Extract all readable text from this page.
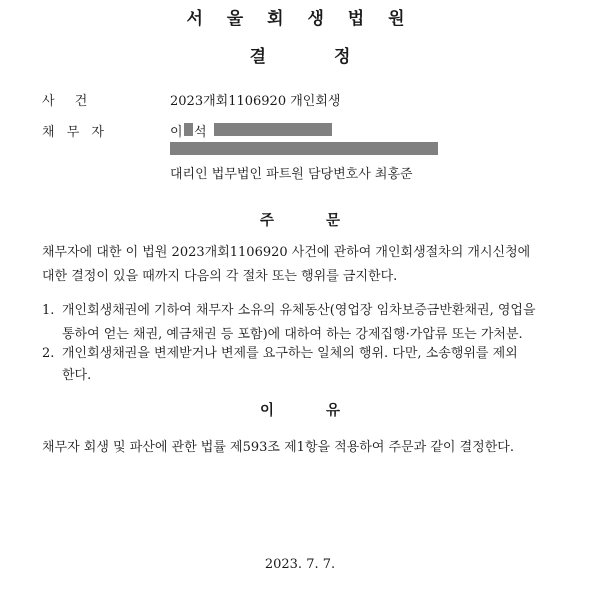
서 울 회 생 법 원
결	정
사 건	2023개회1106920 개인회생
채 무 자	이 석
대리인 법무법인 파트원 담당변호사 최홍준
주	문
채무자에 대한 이 법원 2023개회1106920 사건에 관하여 개인회생절차의 개시신청에
대한 결정이 있을 때까지 다음의 각 절차 또는 행위를 금지한다.
1. 개인회생채권에 기하여 채무자 소유의 유체동산(영업장 임차보증금반환채권, 영업을
통하여 얻는 채권, 예금채권 등 포함)에 대하여 하는 강제집행·가압류 또는 가처분.
2. 개인회생채권을 변제받거나 변제를 요구하는 일체의 행위. 다만, 소송행위를 제외
한다.
이	유
채무자 회생 및 파산에 관한 법률 제593조 제1항을 적용하여 주문과 같이 결정한다.
2023. 7. 7.
